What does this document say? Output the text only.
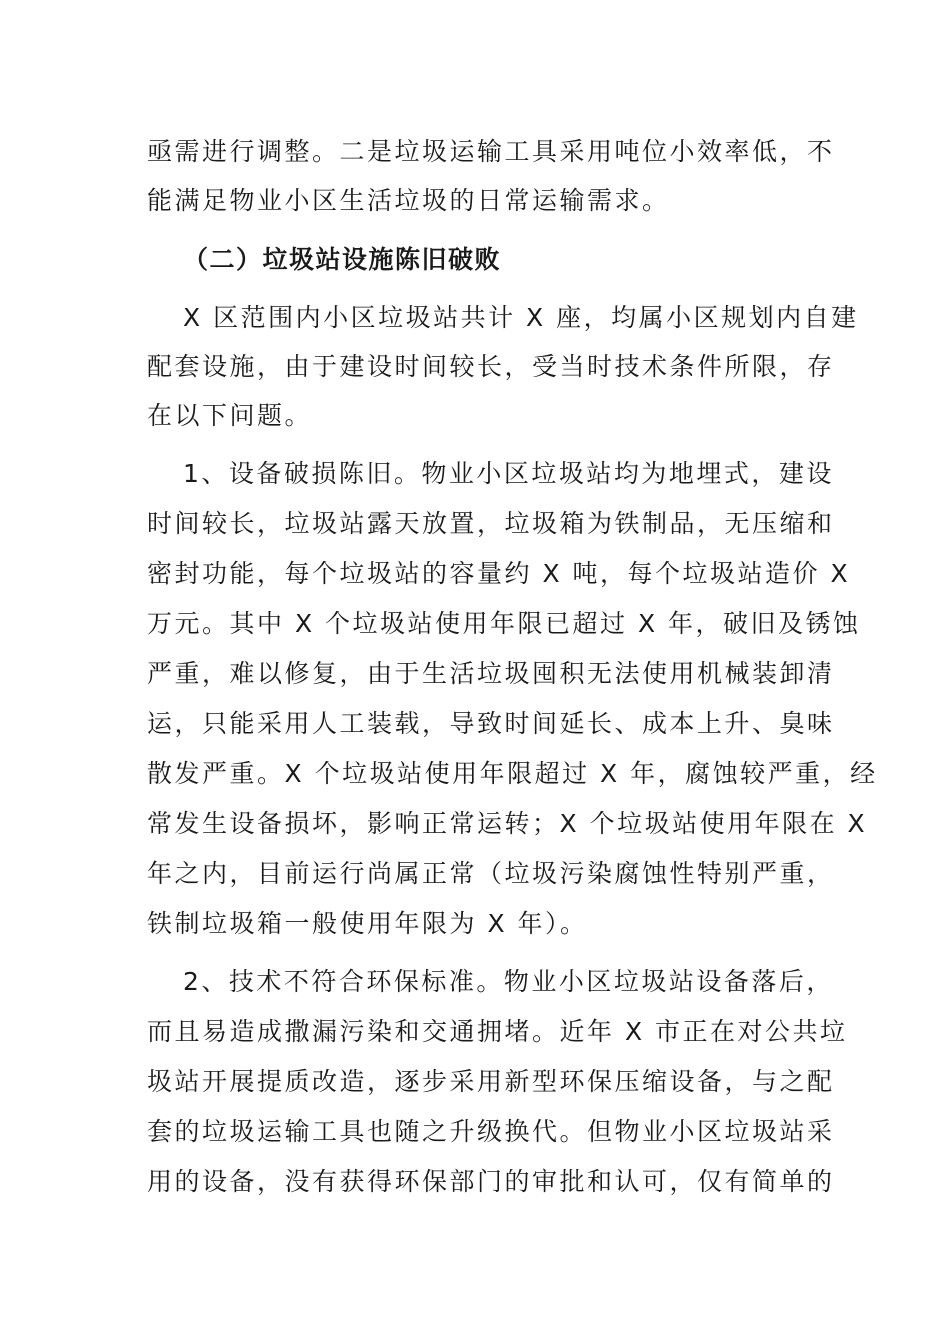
亟需进行调整。二是垃圾运输工具采用吨位小效率低，不

能满足物业小区生活垃圾的日常运输需求。

（二）垃圾站设施陈旧破败

X 区范围内小区垃圾站共计 X 座，均属小区规划内自建

配套设施，由于建设时间较长，受当时技术条件所限，存

在以下问题。

1、设备破损陈旧。物业小区垃圾站均为地埋式，建设

时间较长，垃圾站露天放置，垃圾箱为铁制品，无压缩和

密封功能，每个垃圾站的容量约 X 吨，每个垃圾站造价 X

万元。其中 X 个垃圾站使用年限已超过 X 年，破旧及锈蚀

严重，难以修复，由于生活垃圾囤积无法使用机械装卸清

运，只能采用人工装载，导致时间延长、成本上升、臭味

散发严重。X 个垃圾站使用年限超过 X 年，腐蚀较严重，经

常发生设备损坏，影响正常运转；X 个垃圾站使用年限在 X

年之内，目前运行尚属正常（垃圾污染腐蚀性特别严重，

铁制垃圾箱一般使用年限为 X 年）。

2、技术不符合环保标准。物业小区垃圾站设备落后，

而且易造成撒漏污染和交通拥堵。近年 X 市正在对公共垃

圾站开展提质改造，逐步采用新型环保压缩设备，与之配

套的垃圾运输工具也随之升级换代。但物业小区垃圾站采

用的设备，没有获得环保部门的审批和认可，仅有简单的
